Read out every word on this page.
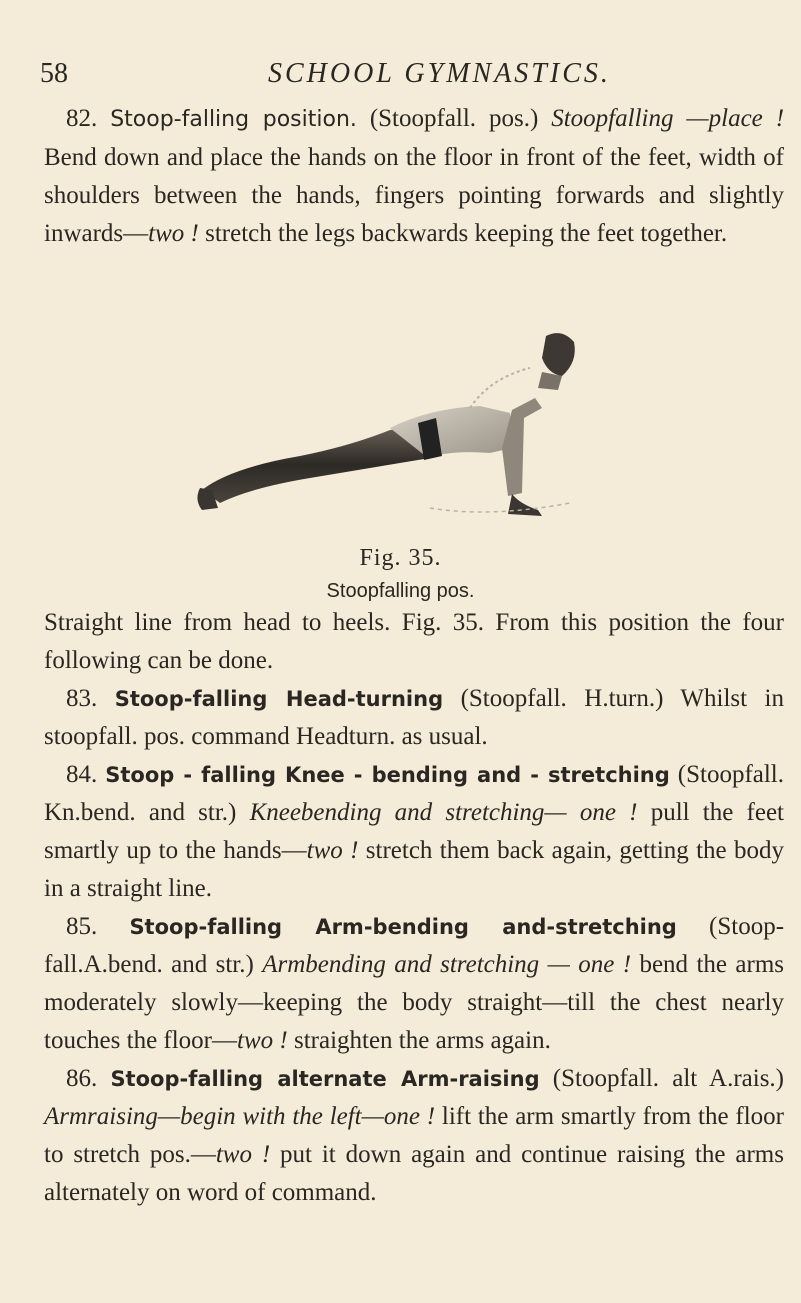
58	SCHOOL GYMNASTICS.

82. Stoop-falling position. (Stoopfall. pos.) Stoopfalling —place ! Bend down and place the hands on the floor in front of the feet, width of shoulders between the hands, fingers pointing forwards and slightly inwards—two ! stretch the legs backwards keeping the feet together.

Fig. 35.
Stoopfalling pos.

Straight line from head to heels. Fig. 35. From this position the four following can be done.

83. Stoop-falling Head-turning (Stoopfall. H.turn.) Whilst in stoopfall. pos. command Headturn. as usual.

84. Stoop - falling Knee - bending and - stretching (Stoopfall. Kn.bend. and str.) Kneebending and stretching— one ! pull the feet smartly up to the hands—two ! stretch them back again, getting the body in a straight line.

85. Stoop-falling Arm-bending and-stretching (Stoop-fall.A.bend. and str.) Armbending and stretching — one ! bend the arms moderately slowly—keeping the body straight—till the chest nearly touches the floor—two ! straighten the arms again.

86. Stoop-falling alternate Arm-raising (Stoopfall. alt A.rais.) Armraising—begin with the left—one ! lift the arm smartly from the floor to stretch pos.—two ! put it down again and continue raising the arms alternately on word of command.
